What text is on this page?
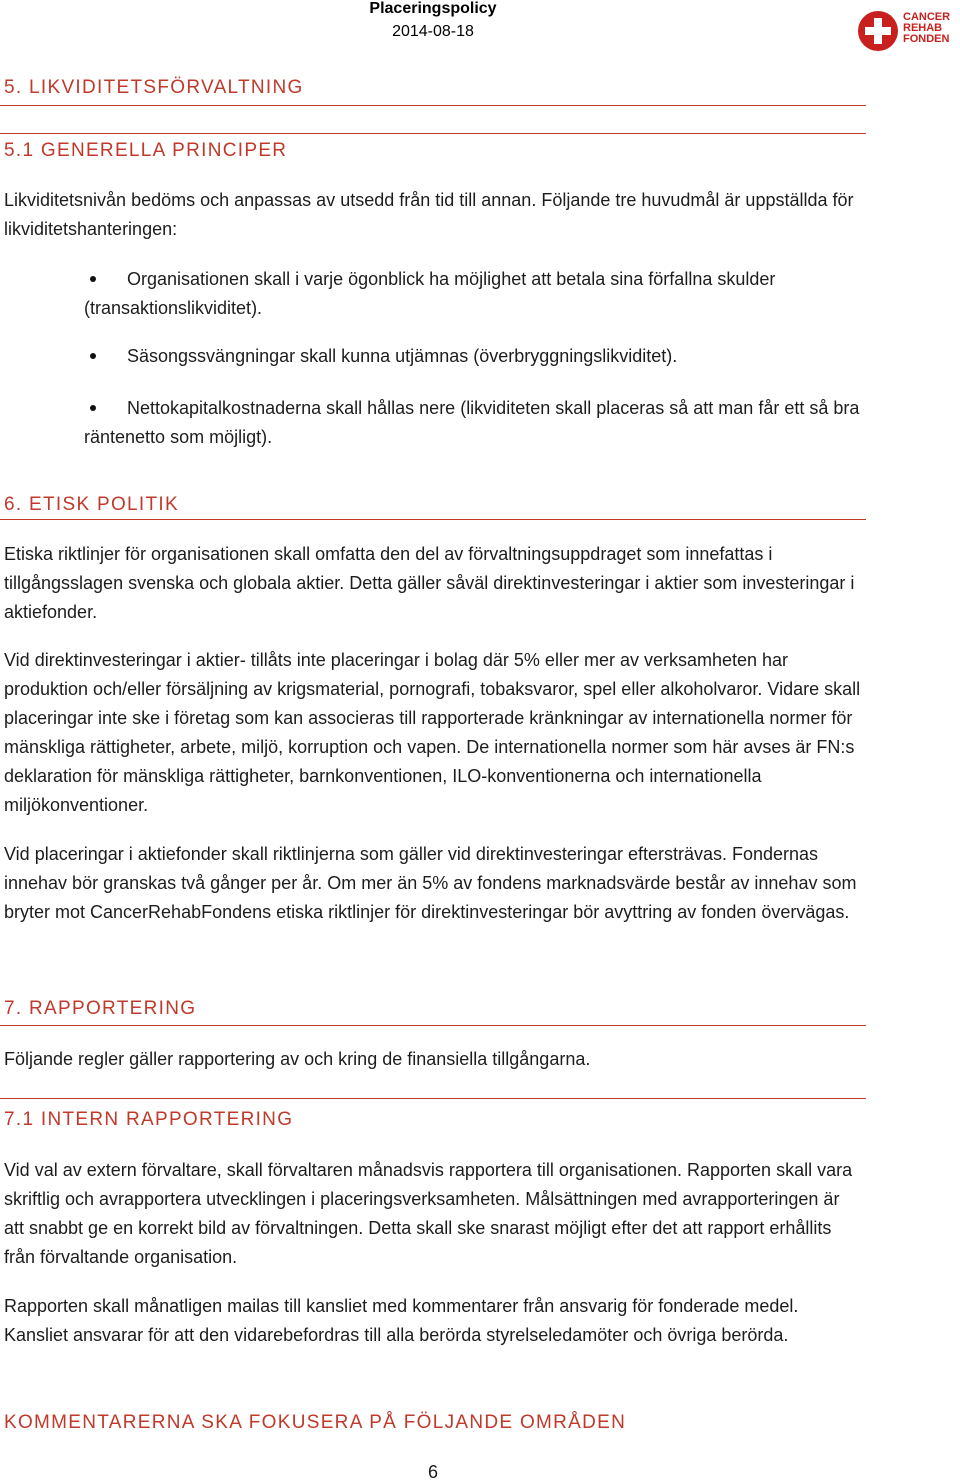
Placeringspolicy
2014-08-18
CANCER
REHAB
FONDEN
5. LIKVIDITETSFÖRVALTNING
5.1 GENERELLA PRINCIPER

Likviditetsnivån bedöms och anpassas av utsedd från tid till annan. Följande tre huvudmål är uppställda för likviditetshanteringen:

Organisationen skall i varje ögonblick ha möjlighet att betala sina förfallna skulder (transaktionslikviditet).
Säsongssvängningar skall kunna utjämnas (överbryggningslikviditet).
Nettokapitalkostnaderna skall hållas nere (likviditeten skall placeras så att man får ett så bra räntenetto som möjligt).
6. ETISK POLITIK

Etiska riktlinjer för organisationen skall omfatta den del av förvaltningsuppdraget som innefattas i tillgångsslagen svenska och globala aktier. Detta gäller såväl direktinvesteringar i aktier som investeringar i aktiefonder.

Vid direktinvesteringar i aktier- tillåts inte placeringar i bolag där 5% eller mer av verksamheten har produktion och/eller försäljning av krigsmaterial, pornografi, tobaksvaror, spel eller alkoholvaror. Vidare skall placeringar inte ske i företag som kan associeras till rapporterade kränkningar av internationella normer för mänskliga rättigheter, arbete, miljö, korruption och vapen. De internationella normer som här avses är FN:s deklaration för mänskliga rättigheter, barnkonventionen, ILO-konventionerna och internationella miljökonventioner.

Vid placeringar i aktiefonder skall riktlinjerna som gäller vid direktinvesteringar eftersträvas. Fondernas innehav bör granskas två gånger per år. Om mer än 5% av fondens marknadsvärde består av innehav som bryter mot CancerRehabFondens etiska riktlinjer för direktinvesteringar bör avyttring av fonden övervägas.

7. RAPPORTERING

Följande regler gäller rapportering av och kring de finansiella tillgångarna.

7.1 INTERN RAPPORTERING

Vid val av extern förvaltare, skall förvaltaren månadsvis rapportera till organisationen. Rapporten skall vara skriftlig och avrapportera utvecklingen i placeringsverksamheten. Målsättningen med avrapporteringen är att snabbt ge en korrekt bild av förvaltningen. Detta skall ske snarast möjligt efter det att rapport erhållits från förvaltande organisation.

Rapporten skall månatligen mailas till kansliet med kommentarer från ansvarig för fonderade medel. Kansliet ansvarar för att den vidarebefordras till alla berörda styrelseledamöter och övriga berörda.

KOMMENTARERNA SKA FOKUSERA PÅ FÖLJANDE OMRÅDEN
6
